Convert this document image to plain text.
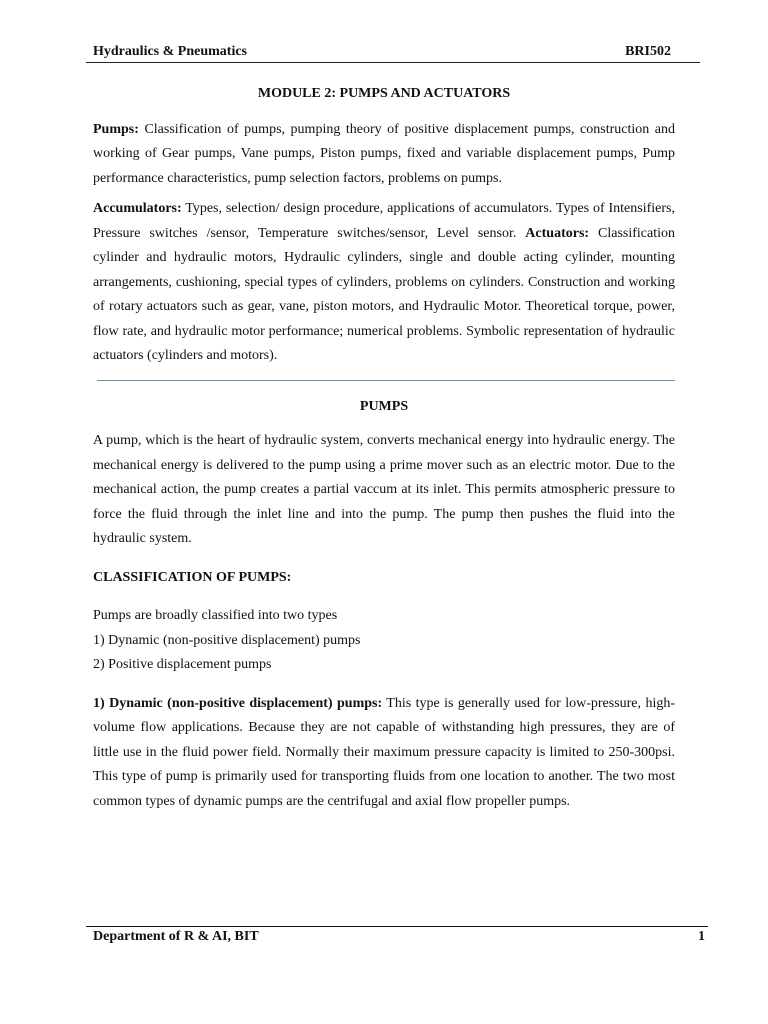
Hydraulics & Pneumatics	BRI502
MODULE 2: PUMPS AND ACTUATORS

Pumps: Classification of pumps, pumping theory of positive displacement pumps, construction and working of Gear pumps, Vane pumps, Piston pumps, fixed and variable displacement pumps, Pump performance characteristics, pump selection factors, problems on pumps.

Accumulators: Types, selection/ design procedure, applications of accumulators. Types of Intensifiers, Pressure switches /sensor, Temperature switches/sensor, Level sensor. Actuators: Classification cylinder and hydraulic motors, Hydraulic cylinders, single and double acting cylinder, mounting arrangements, cushioning, special types of cylinders, problems on cylinders. Construction and working of rotary actuators such as gear, vane, piston motors, and Hydraulic Motor. Theoretical torque, power, flow rate, and hydraulic motor performance; numerical problems. Symbolic representation of hydraulic actuators (cylinders and motors).

PUMPS

A pump, which is the heart of hydraulic system, converts mechanical energy into hydraulic energy. The mechanical energy is delivered to the pump using a prime mover such as an electric motor. Due to the mechanical action, the pump creates a partial vaccum at its inlet. This permits atmospheric pressure to force the fluid through the inlet line and into the pump. The pump then pushes the fluid into the hydraulic system.

CLASSIFICATION OF PUMPS:
Pumps are broadly classified into two types
1) Dynamic (non-positive displacement) pumps
2) Positive displacement pumps

1) Dynamic (non-positive displacement) pumps: This type is generally used for low-pressure, high-volume flow applications. Because they are not capable of withstanding high pressures, they are of little use in the fluid power field. Normally their maximum pressure capacity is limited to 250-300psi. This type of pump is primarily used for transporting fluids from one location to another. The two most common types of dynamic pumps are the centrifugal and axial flow propeller pumps.

Department of R & AI, BIT	1
